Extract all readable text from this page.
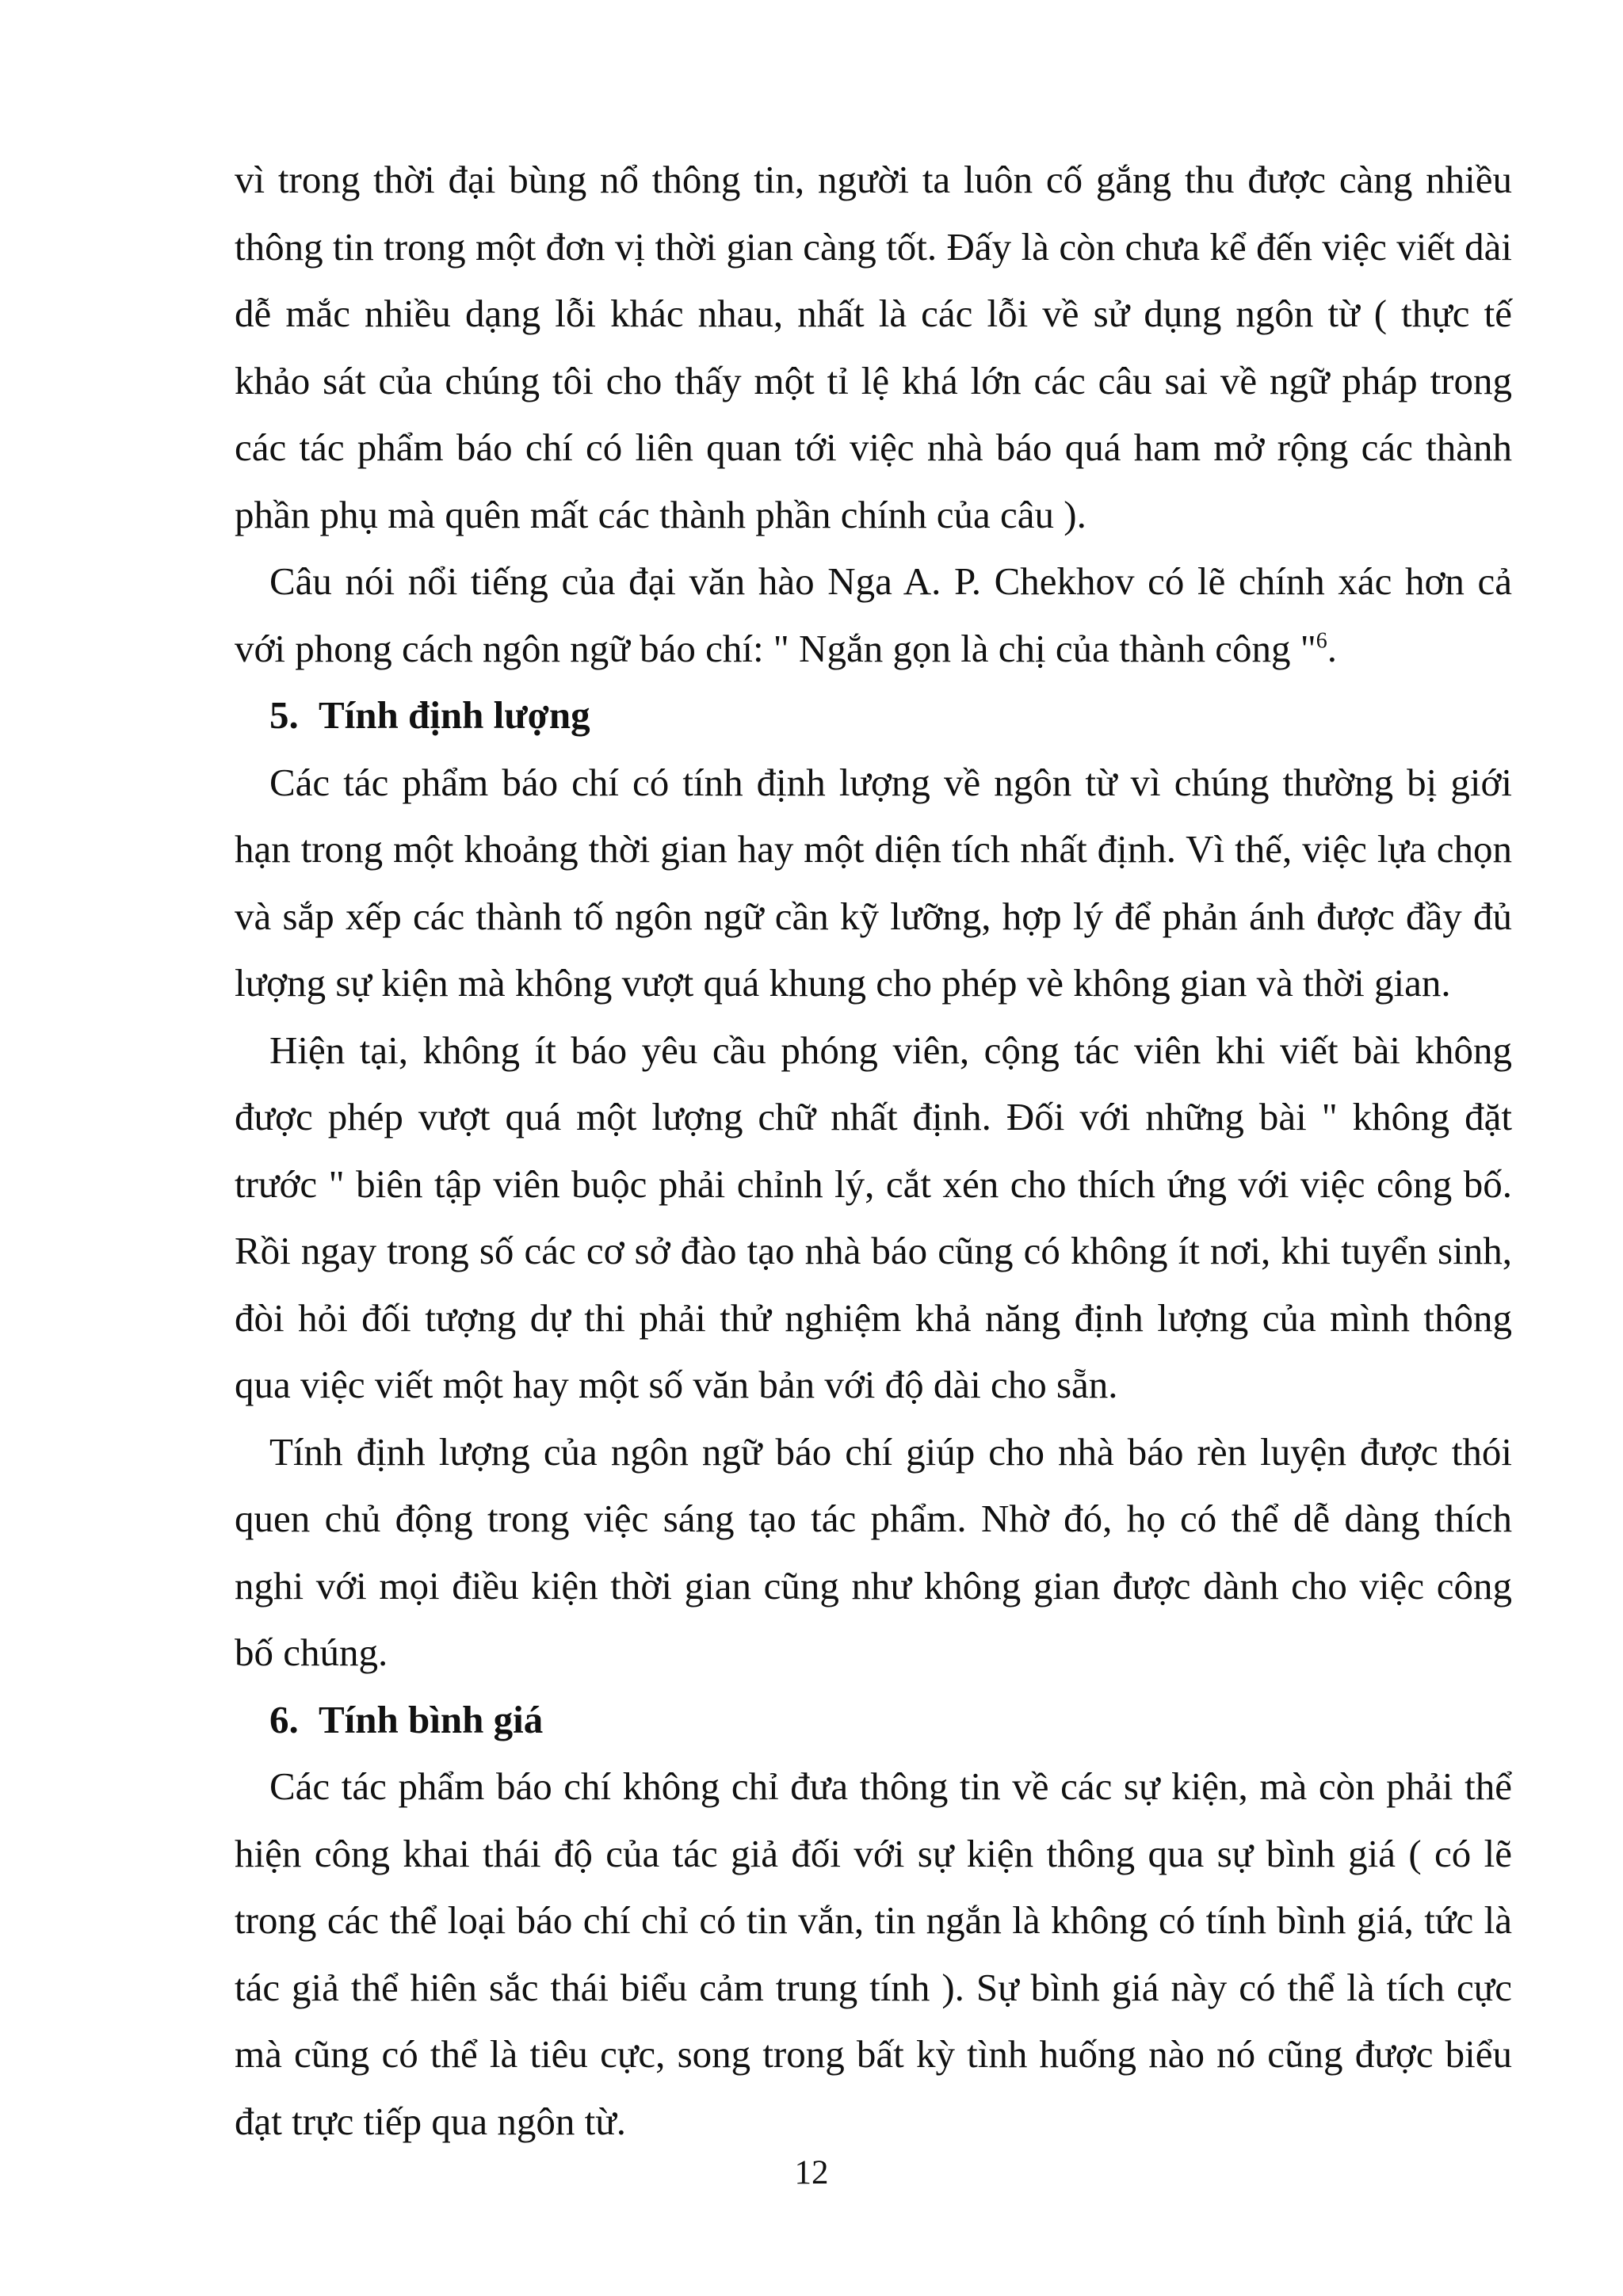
vì trong thời đại bùng nổ thông tin, người ta luôn cố gắng thu được càng nhiều thông tin trong một đơn vị thời gian càng tốt. Đấy là còn chưa kể đến việc viết dài dễ mắc nhiều dạng lỗi khác nhau, nhất là các lỗi về sử dụng ngôn từ ( thực tế khảo sát của chúng tôi cho thấy một tỉ lệ khá lớn các câu sai về ngữ pháp trong các tác phẩm báo chí có liên quan tới việc nhà báo quá ham mở rộng các thành phần phụ mà quên mất các thành phần chính của câu ).

Câu nói nổi tiếng của đại văn hào Nga A. P. Chekhov có lẽ chính xác hơn cả với phong cách ngôn ngữ báo chí: " Ngắn gọn là chị của thành công "$^6$.

5. Tính định lượng

Các tác phẩm báo chí có tính định lượng về ngôn từ vì chúng thường bị giới hạn trong một khoảng thời gian hay một diện tích nhất định. Vì thế, việc lựa chọn và sắp xếp các thành tố ngôn ngữ cần kỹ lưỡng, hợp lý để phản ánh được đầy đủ lượng sự kiện mà không vượt quá khung cho phép vè không gian và thời gian.

Hiện tại, không ít báo yêu cầu phóng viên, cộng tác viên khi viết bài không được phép vượt quá một lượng chữ nhất định. Đối với những bài " không đặt trước " biên tập viên buộc phải chỉnh lý, cắt xén cho thích ứng với việc công bố. Rồi ngay trong số các cơ sở đào tạo nhà báo cũng có không ít nơi, khi tuyển sinh, đòi hỏi đối tượng dự thi phải thử nghiệm khả năng định lượng của mình thông qua việc viết một hay một số văn bản với độ dài cho sẵn.

Tính định lượng của ngôn ngữ báo chí giúp cho nhà báo rèn luyện được thói quen chủ động trong việc sáng tạo tác phẩm. Nhờ đó, họ có thể dễ dàng thích nghi với mọi điều kiện thời gian cũng như không gian được dành cho việc công bố chúng.

6. Tính bình giá

Các tác phẩm báo chí không chỉ đưa thông tin về các sự kiện, mà còn phải thể hiện công khai thái độ của tác giả đối với sự kiện thông qua sự bình giá ( có lẽ trong các thể loại báo chí chỉ có tin vắn, tin ngắn là không có tính bình giá, tức là tác giả thể hiên sắc thái biểu cảm trung tính ). Sự bình giá này có thể là tích cực mà cũng có thể là tiêu cực, song trong bất kỳ tình huống nào nó cũng được biểu đạt trực tiếp qua ngôn từ.

12
